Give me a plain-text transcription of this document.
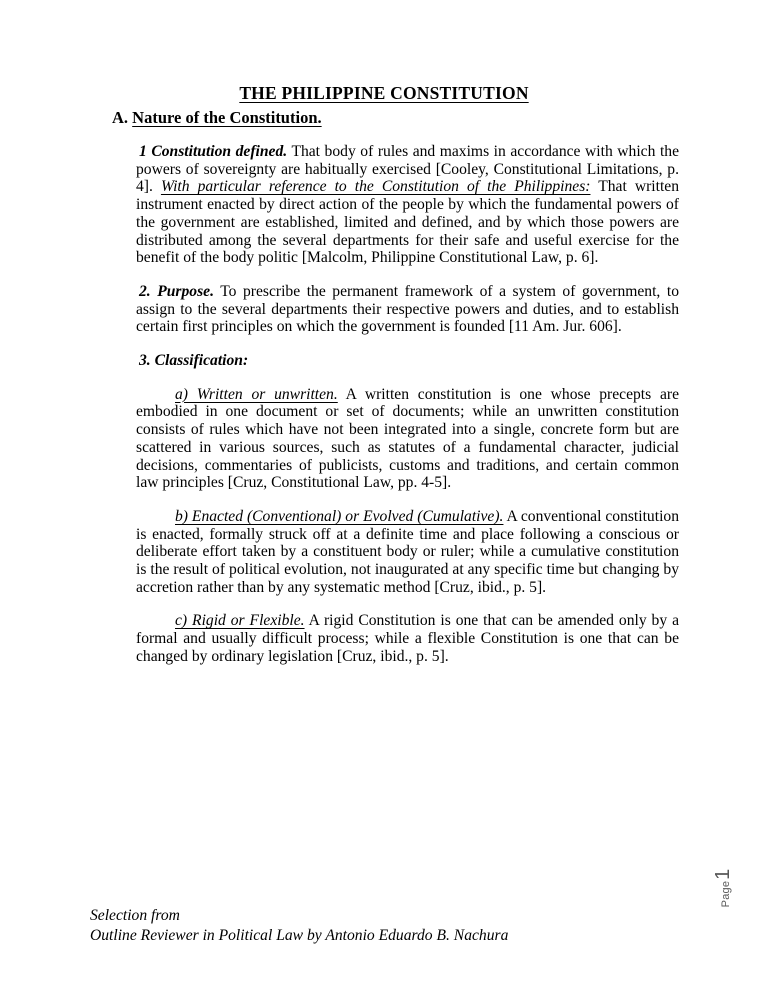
THE PHILIPPINE CONSTITUTION
A. Nature of the Constitution.

1 Constitution defined. That body of rules and maxims in accordance with which the powers of sovereignty are habitually exercised [Cooley, Constitutional Limitations, p. 4]. With particular reference to the Constitution of the Philippines: That written instrument enacted by direct action of the people by which the fundamental powers of the government are established, limited and defined, and by which those powers are distributed among the several departments for their safe and useful exercise for the benefit of the body politic [Malcolm, Philippine Constitutional Law, p. 6].

2. Purpose. To prescribe the permanent framework of a system of government, to assign to the several departments their respective powers and duties, and to establish certain first principles on which the government is founded [11 Am. Jur. 606].

3. Classification:

a) Written or unwritten. A written constitution is one whose precepts are embodied in one document or set of documents; while an unwritten constitution consists of rules which have not been integrated into a single, concrete form but are scattered in various sources, such as statutes of a fundamental character, judicial decisions, commentaries of publicists, customs and traditions, and certain common law principles [Cruz, Constitutional Law, pp. 4-5].

b) Enacted (Conventional) or Evolved (Cumulative). A conventional constitution is enacted, formally struck off at a definite time and place following a conscious or deliberate effort taken by a constituent body or ruler; while a cumulative constitution is the result of political evolution, not inaugurated at any specific time but changing by accretion rather than by any systematic method [Cruz, ibid., p. 5].

c) Rigid or Flexible. A rigid Constitution is one that can be amended only by a formal and usually difficult process; while a flexible Constitution is one that can be changed by ordinary legislation [Cruz, ibid., p. 5].

Selection from
Outline Reviewer in Political Law by Antonio Eduardo B. Nachura
Page
1
